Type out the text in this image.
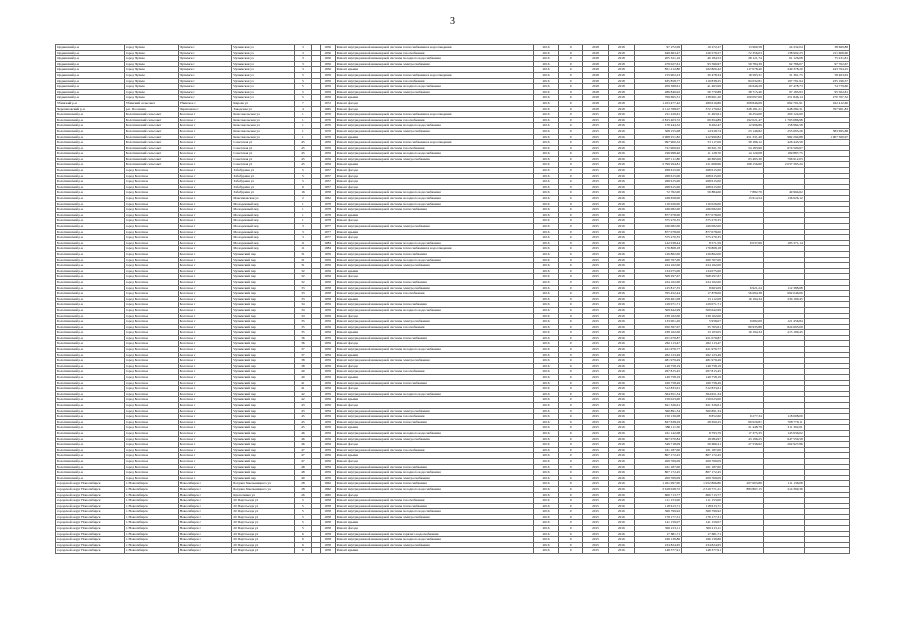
3
Ордынский р-н	город Чулым	Чулымск г	Чулымская ул	3		1956	Ремонт внутридомовой инженерной системы теплоснабжения и водоотведения	2016	0	2018	2018	97 272,09	19 272,27	13 960,58	24 232,04	38 669,88
Ордынский р-н	город Чулым	Чулымск г	Чулымская ул	3		1956	Ремонт внутридомовой инженерной системы газоснабжения	2016	0	2018	2018	649 663,47	126 576,57	72 356,03	138 992,23	211 608,60
Ордынский р-н	город Чулым	Чулымск г	Чулымская ул	3		1956	Ремонт внутридомовой инженерной системы холодного водоснабжения	2016	0	2018	2018	205 321,16	40 184,53	28 121,74	61 126,08	75 231,81
Ордынский р-н	город Чулым	Чулымск г	Чулымская ул	3		1956	Ремонт внутридомовой инженерной системы электроснабжения	2016	0	2018	2018	479 027,61	93 596,97	59 784,39	92 786,07	97 762,67
Ордынский р-н	город Чулым	Чулымск г	Чулымская ул	3		1956	Ремонт крыши	2016	0	2018	2018	851 212,80	162 800,42	117 078,49	249 378,20	243 764,25
Ордынский р-н	город Чулым	Чулымск г	Чулымская ул	5		1959	Ремонт внутридомовой инженерной системы теплоснабжения и водоотведения	2016	0	2018	2018	155 902,23	30 478,34	18 593,31	31 361,75	58 463,63
Ордынский р-н	город Чулым	Чулымск г	Чулымская ул	5		1959	Ремонт внутридомовой инженерной системы газоснабжения	2016	0	2018	2018	635 858,77	119 838,25	84 032,81	197 791,94	235 196,57
Ордынский р-н	город Чулым	Чулымск г	Чулымская ул	5		1959	Ремонт внутридомовой инженерной системы холодного водоснабжения	2016	0	2018	2018	209 368,61	41 463,99	26 649,29	67 478,73	74 779,60
Ордынский р-н	город Чулым	Чулымск г	Чулымская ул	5		1959	Ремонт внутридомовой инженерной системы электроснабжения	2016	0	2018	2018	286 840,92	56 770,88	38 715,40	97 183,93	95 562,81
Ордынский р-н	город Чулым	Чулымск г	Чулымская ул	5		1959	Ремонт крыши	2016	0	2018	2018	769 665,31	138 661,20	109 097,69	251 846,14	270 767,32
Убинский р-н	Убинский сельсовет	Убинское с	Кирова ул	7		1972	Ремонт фасада	2016	0	2018	2018	1 453 477,42	289 619,86	308 846,09	692 791,91	162 412,60
Черепановский р-н	р.п. Посевная	Черепаново г	Заводская ул	4		1965	Ремонт фасада	2016	0	2018	2018	2 112 768,07	372 179,62	328 181,21	648 282,31	767 961,83
Болотнинский р-н	Болотнинский сельсовет	Болотное г	Комсомольская ул	1		1976	Ремонт внутридомовой инженерной системы теплоснабжения и водоотведения	2016	0	2015	2016	211 229,61	11 493,61	16 254,00	200 124,60	
Болотнинский р-н	Болотнинский сельсовет	Болотное г	Комсомольская ул	1		1976	Ремонт внутридомовой инженерной системы газоснабжения	2016	0	2015	2016	2 815 403,72	69 654,89	192 021,47	1 763 686,98	
Болотнинский р-н	Болотнинский сельсовет	Болотное г	Комсомольская ул	1		1976	Ремонт внутридомовой инженерной системы холодного водоснабжения	2016	0	2015	2016	170 444,32	8 262,47	12 996,89	158 984,58	
Болотнинский р-н	Болотнинский сельсовет	Болотное г	Комсомольская ул	1		1976	Ремонт внутридомовой инженерной системы электроснабжения	2016	0	2015	2016	308 155,08	14 918,74	23 146,82	255 603,26	383 695,68
Болотнинский р-н	Болотнинский сельсовет	Болотное г	Комсомольская ул	1		1976	Ремонт крыши	2016	0	2015	2016	2 908 251,82	212 990,82	451 331,49	982 294,88	1 007 560,97
Болотнинский р-н	Болотнинский сельсовет	Болотное г	Советская ул	45		1959	Ремонт внутридомовой инженерной системы теплоснабжения и водоотведения	2016	0	2015	2016	997 900,32	53 117,06	39 186,12	426 445,56	
Болотнинский р-н	Болотнинский сельсовет	Болотное г	Советская ул	45		1959	Ремонт внутридомовой инженерной системы газоснабжения	2016	0	2015	2016	721 900,92	39 631,70	54 183,99	674 500,67	
Болотнинский р-н	Болотнинский сельсовет	Болотное г	Советская ул	45		1959	Ремонт внутридомовой инженерной системы холодного водоснабжения	2016	0	2015	2016	196 998,40	11 128,70	14 120,08	169 887,75	
Болотнинский р-н	Болотнинский сельсовет	Болотное г	Советская ул	45		1959	Ремонт внутридомовой инженерной системы электроснабжения	2016	0	2015	2016	907 111,80	46 695,06	63 495,30	796 912,03	
Болотнинский р-н	Болотнинский сельсовет	Болотное г	Советская ул	45		1959	Ремонт крыши	2016	0	2015	2016	2 799 294,81	211 668,66	168 156,60	2 037 393,24	
Болотнинский р-н	город Болотное	Болотное г	Забабурина ул	5		1957	Ремонт фасада	2016	0	2015	2016	268 615,00	268 615,00			
Болотнинский р-н	город Болотное	Болотное г	Забабурина ул	5		1957	Ремонт фасада	2016	0	2015	2016	268 615,00	268 615,00			
Болотнинский р-н	город Болотное	Болотное г	Забабурина ул	5		1957	Ремонт фасада	2016	0	2015	2016	268 615,00	268 615,00			
Болотнинский р-н	город Болотное	Болотное г	Забабурина ул	6		1957	Ремонт фасада	2016	0	2015	2016	268 615,00	268 615,00			
Болотнинский р-н	город Болотное	Болотное г	Забабурина ул	16		1958	Ремонт внутридомовой инженерной системы холодного водоснабжения	2016	0	2015	2016	72 762,00	59 884,60	7 882,79	49 994,62	
Болотнинский р-н	город Болотное	Болотное г	Максимовская ул	2		1962	Ремонт внутридомовой инженерной системы холодного водоснабжения	2016	0	2015	2016	168 658,00		13 614,54	136 926,12	
Болотнинский р-н	город Болотное	Болотное г	Молодежный пер	1		1978	Ремонт внутридомовой инженерной системы холодного водоснабжения	2016	0	2015	2016	110 026,00	110 026,00			
Болотнинский р-н	город Болотное	Болотное г	Молодежный пер	1		1978	Ремонт внутридомовой инженерной системы теплоснабжения	2016	0	2015	2016	166 082,00	166 082,00			
Болотнинский р-н	город Болотное	Болотное г	Молодежный пер	1		1978	Ремонт крыши	2016	0	2015	2016	877 078,00	877 078,00			
Болотнинский р-н	город Болотное	Болотное г	Молодежный пер	1		1978	Ремонт фасада	2016	0	2015	2016	375 270,35	375 270,35			
Болотнинский р-н	город Болотное	Болотное г	Молодежный пер	3		1977	Ремонт внутридомовой инженерной системы электроснабжения	2016	0	2015	2016	166 082,00	166 082,00			
Болотнинский р-н	город Болотное	Болотное г	Молодежный пер	3		1977	Ремонт крыши	2016	0	2015	2016	877 078,00	877 078,00			
Болотнинский р-н	город Болотное	Болотное г	Молодежный пер	3		1977	Ремонт фасада	2016	0	2015	2016	375 270,35	375 270,35			
Болотнинский р-н	город Болотное	Болотное г	Молодежный пер	11		1984	Ремонт внутридомовой инженерной системы холодного водоснабжения	2016	0	2015	2016	142 038,44	8 571,59	9 037,66	183 371,14	
Болотнинский р-н	город Болотное	Болотное г	Молодежный пер	11		1984	Ремонт внутридомовой инженерной системы теплоснабжения и водоотведения	2016	0	2015	2016	176 808,18	176 808,18			
Болотнинский р-н	город Болотное	Болотное г	Чулымский пер	31		1959	Ремонт внутридомовой инженерной системы теплоснабжения	2016	0	2015	2016	126 862,00	126 862,00			
Болотнинский р-н	город Болотное	Болотное г	Чулымский пер	31		1959	Ремонт внутридомовой инженерной системы холодного водоснабжения	2016	0	2015	2016	260 767,00	260 767,00			
Болотнинский р-н	город Болотное	Болотное г	Чулымский пер	31		1959	Ремонт внутридомовой инженерной системы электроснабжения	2016	0	2015	2016	224 162,00	224 162,00			
Болотнинский р-н	город Болотное	Болотное г	Чулымский пер	32		1959	Ремонт крыши	2016	0	2015	2016	134 075,00	134 075,00			
Болотнинский р-н	город Болотное	Болотное г	Чулымский пер	32		1959	Ремонт фасада	2016	0	2015	2016	508 297,67	508 297,67			
Болотнинский р-н	город Болотное	Болотное г	Чулымский пер	32		1959	Ремонт внутридомовой инженерной системы теплоснабжения	2016	0	2015	2016	224 162,00	224 162,00			
Болотнинский р-н	город Болотное	Болотное г	Чулымский пер	33		1958	Ремонт внутридомовой инженерной системы электроснабжения	2016	0	2015	2016	125 817,35	8 663,09	6 921,24	112 388,68	
Болотнинский р-н	город Болотное	Болотное г	Чулымский пер	33		1958	Ремонт внутридомовой инженерной системы газоснабжения	2016	0	2015	2016	765 452,44	17 878,06	56 094,38	692 046,06	
Болотнинский р-н	город Болотное	Болотное г	Чулымский пер	33		1958	Ремонт крыши	2016	0	2015	2016	259 461,08	13 112,08	16 194,34	230 199,45	
Болотнинский р-н	город Болотное	Болотное г	Чулымский пер	34		1959	Ремонт внутридомовой инженерной системы теплоснабжения	2016	0	2015	2016	129 071,71	129 071,71			
Болотнинский р-н	город Болотное	Болотное г	Чулымский пер	34		1959	Ремонт внутридомовой инженерной системы холодного водоснабжения	2016	0	2015	2016	509 642,99	509 642,99			
Болотнинский р-н	город Болотное	Болотное г	Чулымский пер	34		1959	Ремонт фасада	2016	0	2015	2016	239 162,00	239 162,00			
Болотнинский р-н	город Болотное	Болотное г	Чулымский пер	35		1959	Ремонт внутридомовой инженерной системы электроснабжения	2016	0	2015	2016	133 001,20	5 958,07	9 682,69	121 456,84	
Болотнинский р-н	город Болотное	Болотное г	Чулымский пер	35		1959	Ремонт внутридомовой инженерной системы газоснабжения	2016	0	2015	2016	950 397,67	35 765,61	89 935,88	824 695,09	
Болотнинский р-н	город Болотное	Болотное г	Чулымский пер	35		1959	Ремонт крыши	2016	0	2015	2016	239 162,00	13 103,05	16 194,34	215 199,45	
Болотнинский р-н	город Болотное	Болотное г	Чулымский пер	36		1959	Ремонт внутридомовой инженерной системы теплоснабжения	2016	0	2015	2016	451 079,87	451 079,87			
Болотнинский р-н	город Болотное	Болотное г	Чулымский пер	36		1959	Ремонт фасада	2016	0	2015	2016	262 113,47	262 113,47			
Болотнинский р-н	город Болотное	Болотное г	Чулымский пер	37		1959	Ремонт внутридомовой инженерной системы холодного водоснабжения	2016	0	2015	2016	421 976,77	421 976,77			
Болотнинский р-н	город Болотное	Болотное г	Чулымский пер	37		1959	Ремонт крыши	2016	0	2015	2016	262 123,49	262 123,49			
Болотнинский р-н	город Болотное	Болотное г	Чулымский пер	38		1959	Ремонт внутридомовой инженерной системы электроснабжения	2016	0	2015	2016	481 979,49	481 979,49			
Болотнинский р-н	город Болотное	Болотное г	Чулымский пер	38		1959	Ремонт фасада	2016	0	2015	2016	149 758,19	149 758,19			
Болотнинский р-н	город Болотное	Болотное г	Чулымский пер	40		1959	Ремонт внутридомовой инженерной системы газоснабжения	2016	0	2015	2016	267 815,45	267 815,45			
Болотнинский р-н	город Болотное	Болотное г	Чулымский пер	40		1959	Ремонт крыши	2016	0	2015	2016	149 758,19	149 758,19			
Болотнинский р-н	город Болотное	Болотное г	Чулымский пер	41		1959	Ремонт внутридомовой инженерной системы теплоснабжения	2016	0	2015	2016	169 758,49	169 758,49			
Болотнинский р-н	город Болотное	Болотное г	Чулымский пер	41		1959	Ремонт фасада	2016	0	2015	2016	512 833,61	512 833,61			
Болотнинский р-н	город Болотное	Болотное г	Чулымский пер	42		1959	Ремонт внутридомовой инженерной системы холодного водоснабжения	2016	0	2015	2016	364 651,34	364 651,34			
Болотнинский р-н	город Болотное	Болотное г	Чулымский пер	42		1959	Ремонт крыши	2016	0	2015	2016	159 023,00	159 023,00			
Болотнинский р-н	город Болотное	Болотное г	Чулымский пер	43		1959	Ремонт фасада	2016	0	2015	2016	621 326,61	621 326,61			
Болотнинский р-н	город Болотное	Болотное г	Чулымский пер	43		1959	Ремонт внутридомовой инженерной системы электроснабжения	2016	0	2015	2016	360 891,34	360 891,34			
Болотнинский р-н	город Болотное	Болотное г	Чулымский пер	45		1959	Ремонт внутридомовой инженерной системы газоснабжения	2016	0	2015	2016	150 136,08	8 852,60	9 277,34	118 008,09	
Болотнинский р-н	город Болотное	Болотное г	Чулымский пер	45		1959	Ремонт внутридомовой инженерной системы теплоснабжения	2016	0	2015	2016	827 638,29	28 650,25	69 020,81	708 779,11	
Болотнинский р-н	город Болотное	Болотное г	Чулымский пер	45		1959	Ремонт крыши	2016	0	2015	2016	386 111,50		21 448,79	311 302,61	
Болотнинский р-н	город Болотное	Болотное г	Чулымский пер	46		1959	Ремонт внутридомовой инженерной системы холодного водоснабжения	2016	0	2015	2016	161 142,08	8 793,79	17 375,35	143 936,02	
Болотнинский р-н	город Болотное	Болотное г	Чулымский пер	46		1959	Ремонт внутридомовой инженерной системы электроснабжения	2016	0	2015	2016	697 070,84	18 084,97	43 196,25	647 559,58	
Болотнинский р-н	город Болотное	Болотное г	Чулымский пер	46		1959	Ремонт фасада	2016	0	2015	2016	349 718,09	29 666,21	27 536,62	292 927,86	
Болотнинский р-н	город Болотное	Болотное г	Чулымский пер	47		1959	Ремонт внутридомовой инженерной системы газоснабжения	2016	0	2015	2016	161 187,00	161 187,00			
Болотнинский р-н	город Болотное	Болотное г	Чулымский пер	47		1959	Ремонт крыши	2016	0	2015	2016	807 172,45	807 172,45			
Болотнинский р-н	город Болотное	Болотное г	Чулымский пер	47		1959	Ремонт фасада	2016	0	2015	2016	209 769,09	209 769,09			
Болотнинский р-н	город Болотное	Болотное г	Чулымский пер	48		1959	Ремонт внутридомовой инженерной системы теплоснабжения	2016	0	2015	2016	161 187,00	161 187,00			
Болотнинский р-н	город Болотное	Болотное г	Чулымский пер	48		1959	Ремонт внутридомовой инженерной системы холодного водоснабжения	2016	0	2015	2016	807 172,45	807 172,45			
Болотнинский р-н	город Болотное	Болотное г	Чулымский пер	49		1959	Ремонт внутридомовой инженерной системы электроснабжения	2016	0	2015	2016	209 769,09	209 769,09			
городской округ Новосибирск	г. Новосибирск	Новосибирск г	Богдана Хмельницкого ул	28		1962	Ремонт внутридомовой инженерной системы теплоснабжения	2016	0	2015	2016	1 261 097,00	1 052 866,86	207 603,86	111 136,08	
городской округ Новосибирск	г. Новосибирск	Новосибирск г	Богдана Хмельницкого ул	28		1962	Ремонт внутридомовой инженерной системы холодного водоснабжения	2016	0	2015	2016	3 618 028,72	2 519 771,21	883 867,15	214 390,36	
городской округ Новосибирск	г. Новосибирск	Новосибирск г	Кропоткина ул	26		1965	Ремонт фасада	2016	0	2015	2016	606 713,77	606 713,77			
городской округ Новосибирск	г. Новосибирск	Новосибирск г	20 Партсъезда ул	5		1958	Ремонт внутридомовой инженерной системы газоснабжения	2016	0	2015	2016	111 153,00	111 153,00			
городской округ Новосибирск	г. Новосибирск	Новосибирск г	20 Партсъезда ул	5		1958	Ремонт внутридомовой инженерной системы теплоснабжения	2016	0	2015	2016	118 613,71	118 613,71			
городской округ Новосибирск	г. Новосибирск	Новосибирск г	20 Партсъезда ул	5		1958	Ремонт внутридомовой инженерной системы холодного водоснабжения	2016	0	2015	2016	369 799,92	369 799,92			
городской округ Новосибирск	г. Новосибирск	Новосибирск г	20 Партсъезда ул	5		1958	Ремонт внутридомовой инженерной системы электроснабжения	2016	0	2015	2016	179 177,31	179 177,31			
городской округ Новосибирск	г. Новосибирск	Новосибирск г	20 Партсъезда ул	5		1958	Ремонт крыши	2016	0	2015	2016	141 159,07	141 159,07			
городской округ Новосибирск	г. Новосибирск	Новосибирск г	20 Партсъезда ул	5		1958	Ремонт фасада	2016	0	2015	2016	306 213,11	306 213,11			
городской округ Новосибирск	г. Новосибирск	Новосибирск г	20 Партсъезда ул	6		1958	Ремонт внутридомовой инженерной системы горячего водоснабжения	2016	0	2015	2016	17 681,71	17 681,71			
городской округ Новосибирск	г. Новосибирск	Новосибирск г	20 Партсъезда ул	6		1958	Ремонт внутридомовой инженерной системы холодного водоснабжения	2016	0	2015	2016	166 139,86	166 139,86			
городской округ Новосибирск	г. Новосибирск	Новосибирск г	20 Партсъезда ул	6		1958	Ремонт внутридомовой инженерной системы электроснабжения	2016	0	2015	2016	234 824,65	234 824,65			
городской округ Новосибирск	г. Новосибирск	Новосибирск г	20 Партсъезда ул	6		1958	Ремонт крыши	2016	0	2015	2016	148 377,91	148 377,91			
